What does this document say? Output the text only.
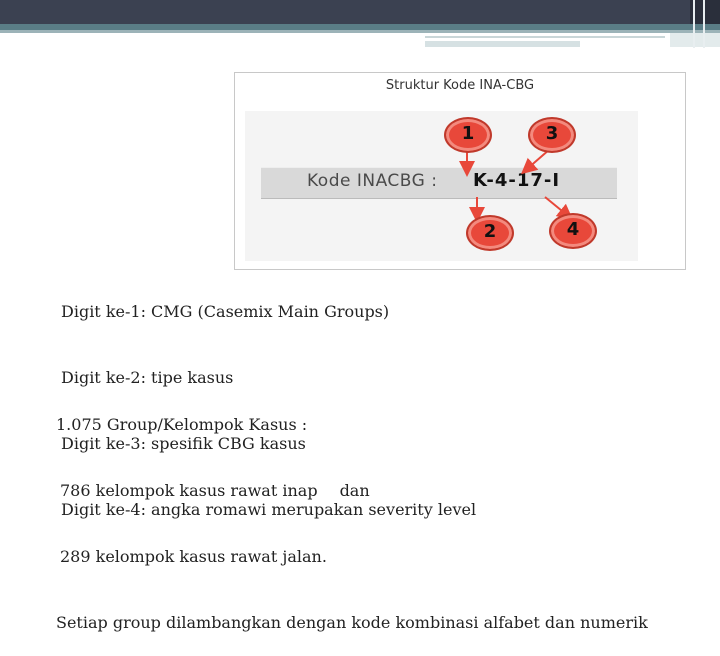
Struktur Kode INA-CBG
Kode INACBG : K-4-17-I
1	3
2	4

Digit ke-1: CMG (Casemix Main Groups)

Digit ke-2: tipe kasus

Digit ke-3: spesifik CBG kasus

Digit ke-4: angka romawi merupakan severity level

1.075 Group/Kelompok Kasus :

786 kelompok kasus rawat inap dan

289 kelompok kasus rawat jalan.

Setiap group dilambangkan dengan kode kombinasi alfabet dan numerik
